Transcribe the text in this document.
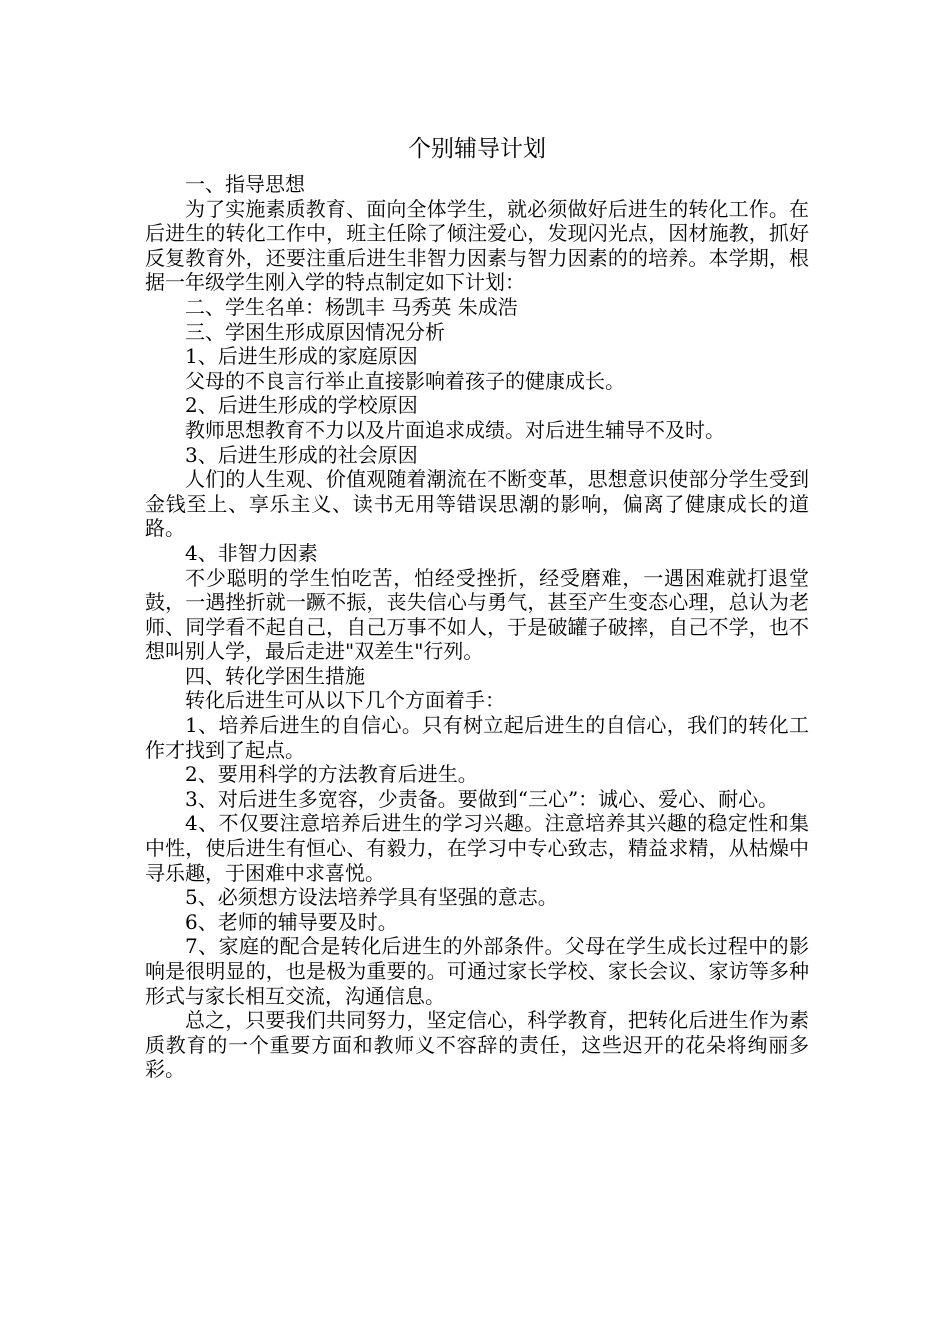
个别辅导计划

一、指导思想

为了实施素质教育、面向全体学生，就必须做好后进生的转化工作。在后进生的转化工作中，班主任除了倾注爱心，发现闪光点，因材施教，抓好反复教育外，还要注重后进生非智力因素与智力因素的的培养。本学期，根据一年级学生刚入学的特点制定如下计划：

二、学生名单：杨凯丰 马秀英 朱成浩

三、学困生形成原因情况分析

1、后进生形成的家庭原因

父母的不良言行举止直接影响着孩子的健康成长。

2、后进生形成的学校原因

教师思想教育不力以及片面追求成绩。对后进生辅导不及时。

3、后进生形成的社会原因

人们的人生观、价值观随着潮流在不断变革，思想意识使部分学生受到金钱至上、享乐主义、读书无用等错误思潮的影响，偏离了健康成长的道路。

4、非智力因素

不少聪明的学生怕吃苦，怕经受挫折，经受磨难，一遇困难就打退堂鼓，一遇挫折就一蹶不振，丧失信心与勇气，甚至产生变态心理，总认为老师、同学看不起自己，自己万事不如人，于是破罐子破摔，自己不学，也不想叫别人学，最后走进"双差生"行列。

四、转化学困生措施

转化后进生可从以下几个方面着手：

1、培养后进生的自信心。只有树立起后进生的自信心，我们的转化工作才找到了起点。

2、要用科学的方法教育后进生。

3、对后进生多宽容，少责备。要做到“三心”：诚心、爱心、耐心。

4、不仅要注意培养后进生的学习兴趣。注意培养其兴趣的稳定性和集中性，使后进生有恒心、有毅力，在学习中专心致志，精益求精，从枯燥中寻乐趣，于困难中求喜悦。

5、必须想方设法培养学具有坚强的意志。

6、老师的辅导要及时。

7、家庭的配合是转化后进生的外部条件。父母在学生成长过程中的影响是很明显的，也是极为重要的。可通过家长学校、家长会议、家访等多种形式与家长相互交流，沟通信息。

总之，只要我们共同努力，坚定信心，科学教育，把转化后进生作为素质教育的一个重要方面和教师义不容辞的责任，这些迟开的花朵将绚丽多彩。
